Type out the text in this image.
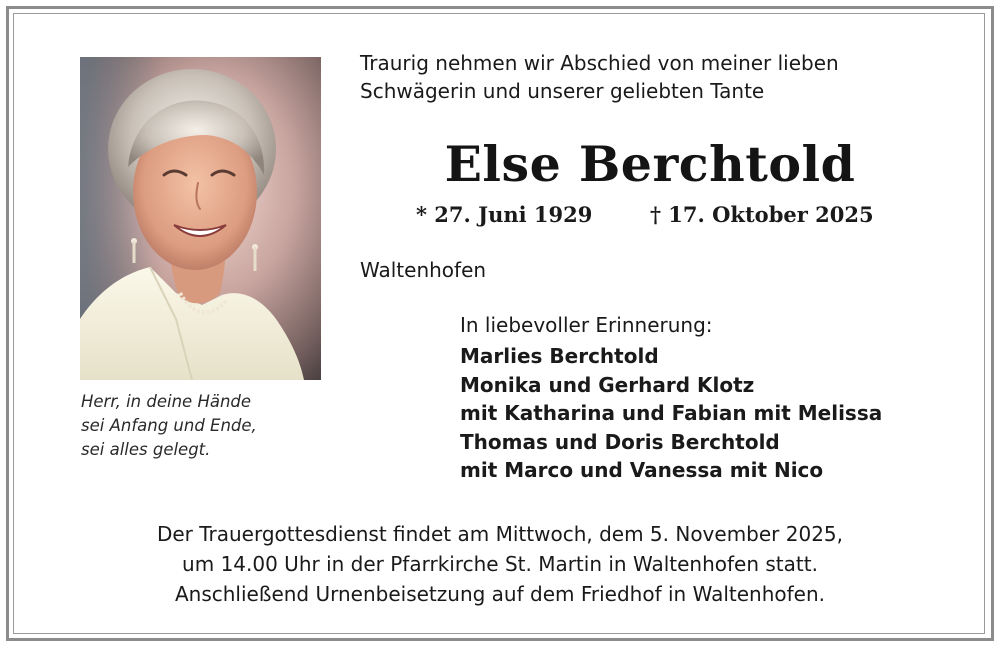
Herr, in deine Hände
sei Anfang und Ende,
sei alles gelegt.
Traurig nehmen wir Abschied von meiner lieben
Schwägerin und unserer geliebten Tante
Else Berchtold
* 27. Juni 1929	† 17. Oktober 2025
Waltenhofen
In liebevoller Erinnerung:
Marlies Berchtold
Monika und Gerhard Klotz
mit Katharina und Fabian mit Melissa
Thomas und Doris Berchtold
mit Marco und Vanessa mit Nico
Der Trauergottesdienst findet am Mittwoch, dem 5. November 2025,
um 14.00 Uhr in der Pfarrkirche St. Martin in Waltenhofen statt.
Anschließend Urnenbeisetzung auf dem Friedhof in Waltenhofen.
